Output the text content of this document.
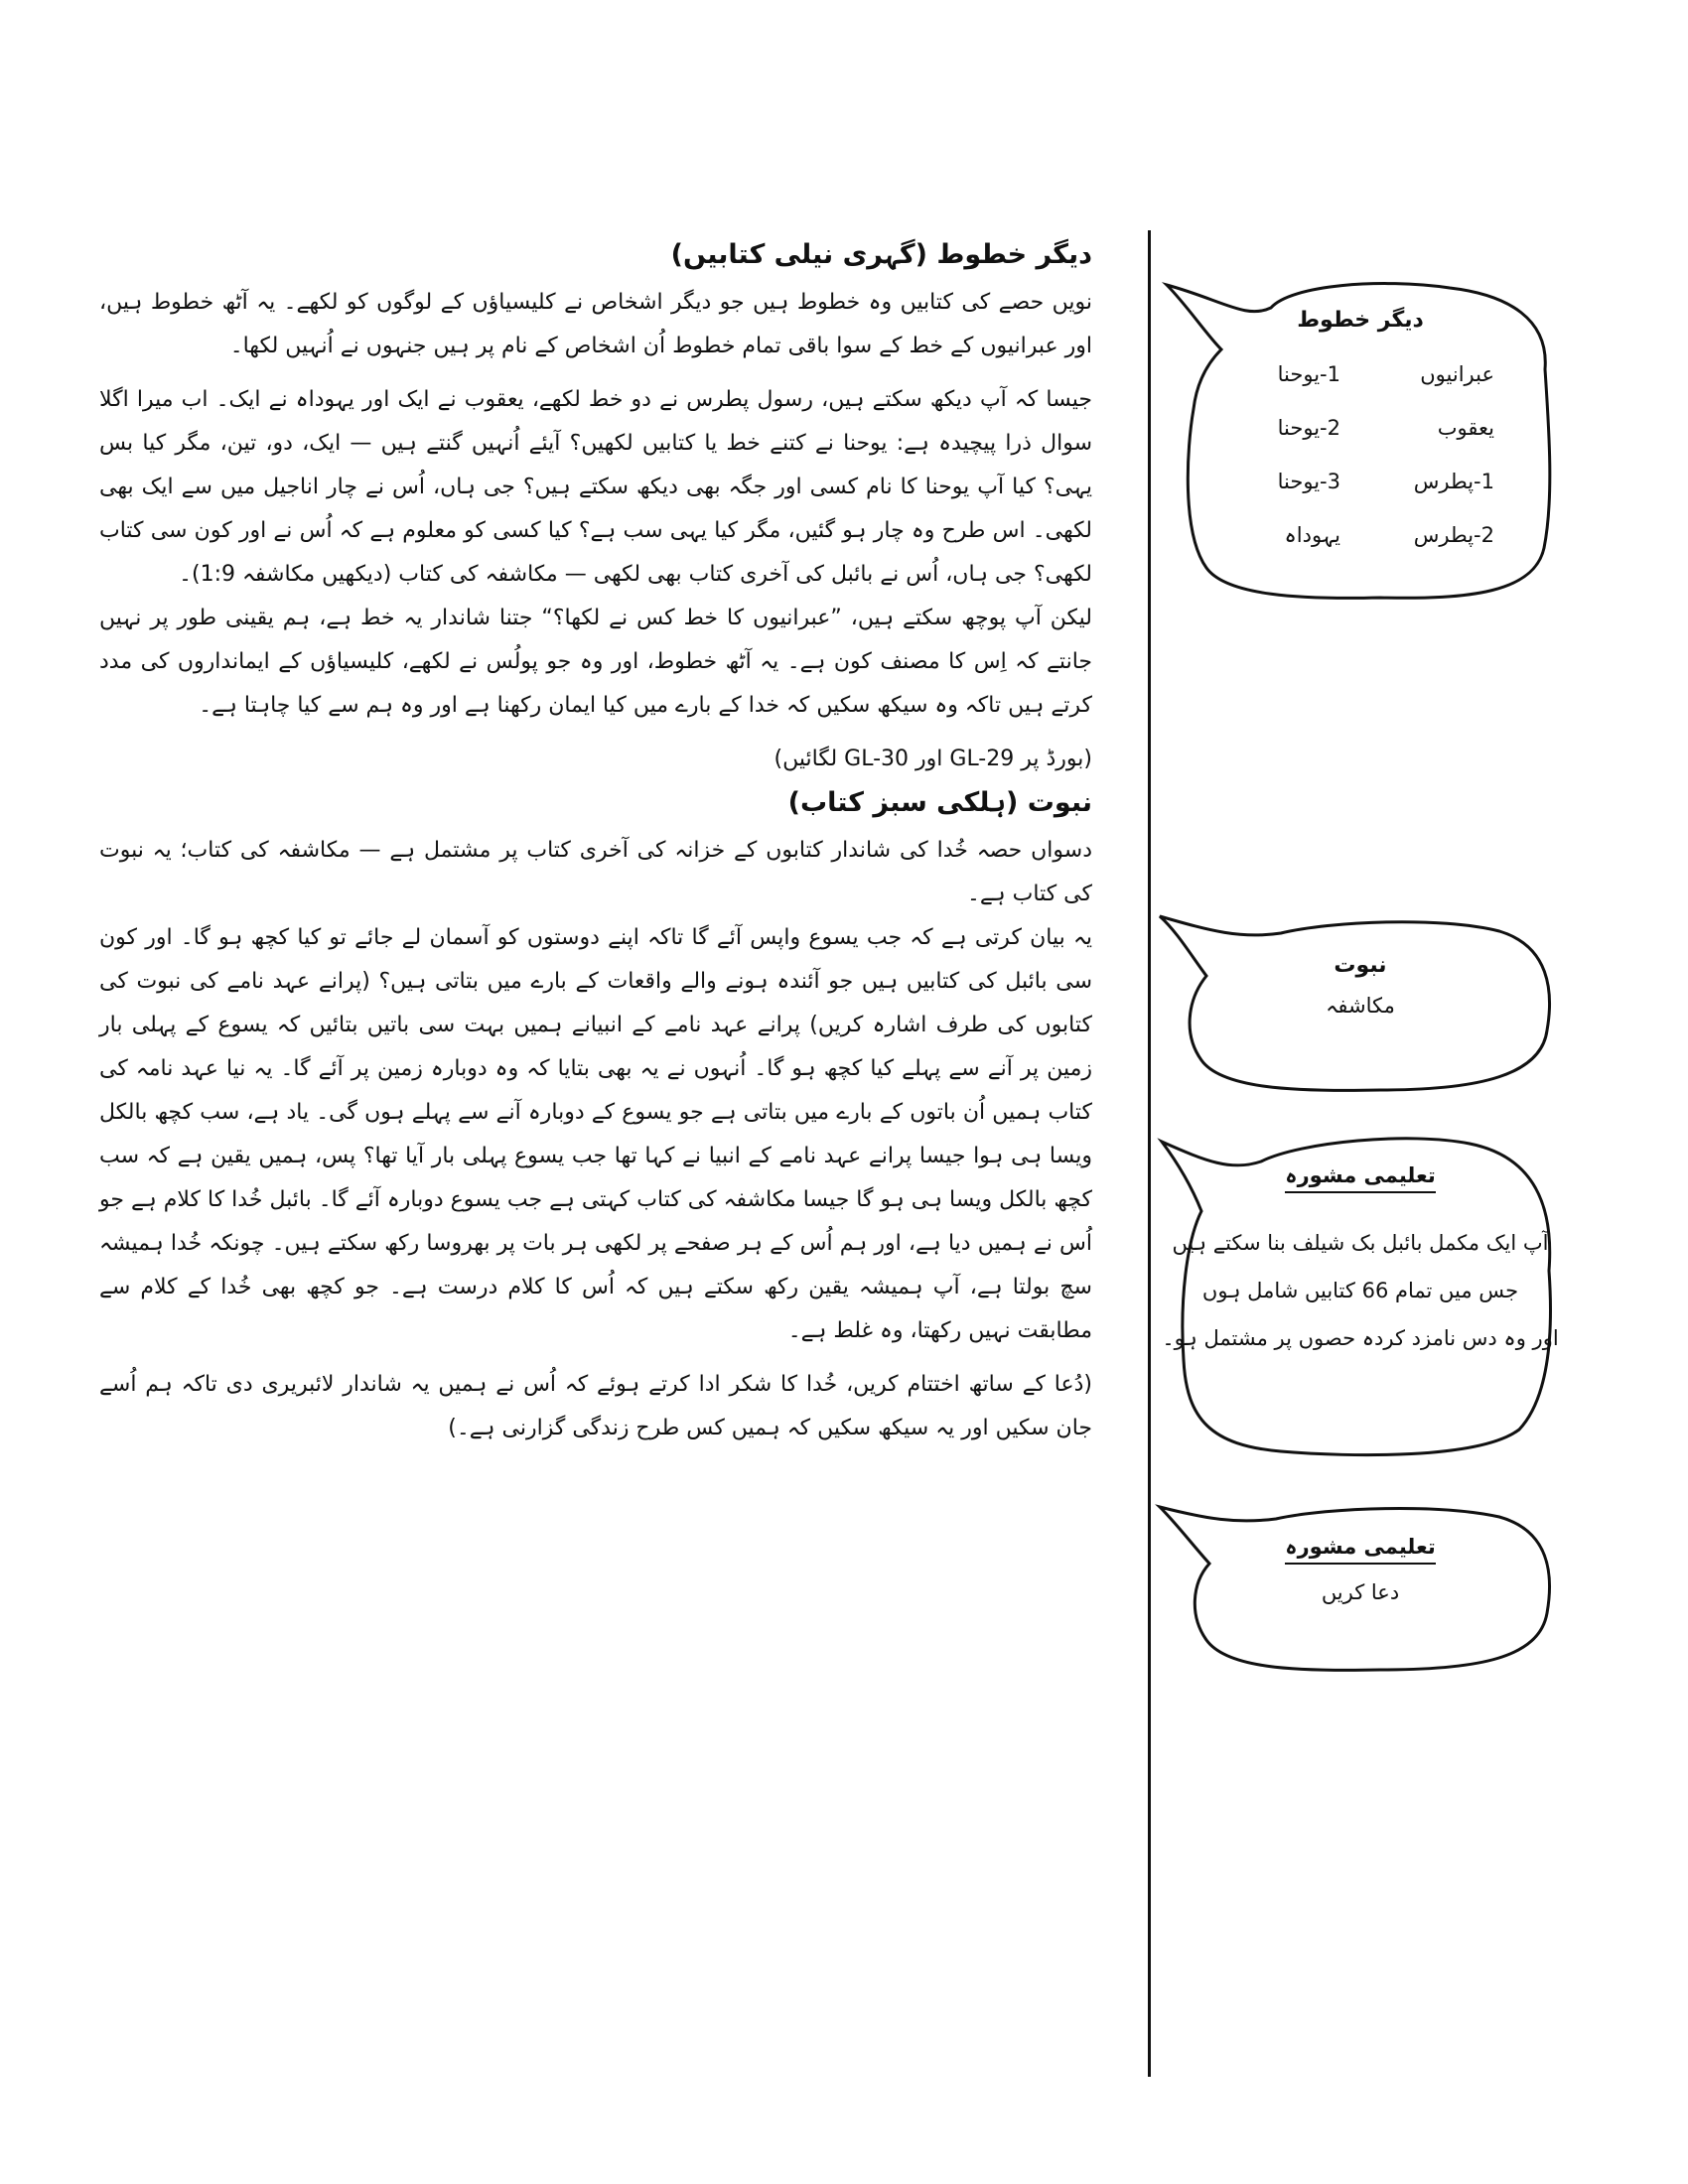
دیگر خطوط (گہری نیلی کتابیں)

نویں حصے کی کتابیں وہ خطوط ہیں جو دیگر اشخاص نے کلیسیاؤں کے لوگوں کو لکھے۔ یہ آٹھ خطوط ہیں، اور عبرانیوں کے خط کے سوا باقی تمام خطوط اُن اشخاص کے نام پر ہیں جنہوں نے اُنہیں لکھا۔

جیسا کہ آپ دیکھ سکتے ہیں، رسول پطرس نے دو خط لکھے، یعقوب نے ایک اور یہوداہ نے ایک۔ اب میرا اگلا سوال ذرا پیچیدہ ہے: یوحنا نے کتنے خط یا کتابیں لکھیں؟ آیئے اُنہیں گنتے ہیں — ایک، دو، تین، مگر کیا بس یہی؟ کیا آپ یوحنا کا نام کسی اور جگہ بھی دیکھ سکتے ہیں؟ جی ہاں، اُس نے چار اناجیل میں سے ایک بھی لکھی۔ اس طرح وہ چار ہو گئیں، مگر کیا یہی سب ہے؟ کیا کسی کو معلوم ہے کہ اُس نے اور کون سی کتاب لکھی؟ جی ہاں، اُس نے بائبل کی آخری کتاب بھی لکھی — مکاشفہ کی کتاب (دیکھیں مکاشفہ 1:9)۔

لیکن آپ پوچھ سکتے ہیں، ”عبرانیوں کا خط کس نے لکھا؟“ جتنا شاندار یہ خط ہے، ہم یقینی طور پر نہیں جانتے کہ اِس کا مصنف کون ہے۔ یہ آٹھ خطوط، اور وہ جو پولُس نے لکھے، کلیسیاؤں کے ایمانداروں کی مدد کرتے ہیں تاکہ وہ سیکھ سکیں کہ خدا کے بارے میں کیا ایمان رکھنا ہے اور وہ ہم سے کیا چاہتا ہے۔

(بورڈ پر GL-29 اور GL-30 لگائیں)

نبوت (ہلکی سبز کتاب)

دسواں حصہ خُدا کی شاندار کتابوں کے خزانہ کی آخری کتاب پر مشتمل ہے — مکاشفہ کی کتاب؛ یہ نبوت کی کتاب ہے۔

یہ بیان کرتی ہے کہ جب یسوع واپس آئے گا تاکہ اپنے دوستوں کو آسمان لے جائے تو کیا کچھ ہو گا۔ اور کون سی بائبل کی کتابیں ہیں جو آئندہ ہونے والے واقعات کے بارے میں بتاتی ہیں؟ (پرانے عہد نامے کی نبوت کی کتابوں کی طرف اشارہ کریں) پرانے عہد نامے کے انبیانے ہمیں بہت سی باتیں بتائیں کہ یسوع کے پہلی بار زمین پر آنے سے پہلے کیا کچھ ہو گا۔ اُنہوں نے یہ بھی بتایا کہ وہ دوبارہ زمین پر آئے گا۔ یہ نیا عہد نامہ کی کتاب ہمیں اُن باتوں کے بارے میں بتاتی ہے جو یسوع کے دوبارہ آنے سے پہلے ہوں گی۔ یاد ہے، سب کچھ بالکل ویسا ہی ہوا جیسا پرانے عہد نامے کے انبیا نے کہا تھا جب یسوع پہلی بار آیا تھا؟ پس، ہمیں یقین ہے کہ سب کچھ بالکل ویسا ہی ہو گا جیسا مکاشفہ کی کتاب کہتی ہے جب یسوع دوبارہ آئے گا۔ بائبل خُدا کا کلام ہے جو اُس نے ہمیں دیا ہے، اور ہم اُس کے ہر صفحے پر لکھی ہر بات پر بھروسا رکھ سکتے ہیں۔ چونکہ خُدا ہمیشہ سچ بولتا ہے، آپ ہمیشہ یقین رکھ سکتے ہیں کہ اُس کا کلام درست ہے۔ جو کچھ بھی خُدا کے کلام سے مطابقت نہیں رکھتا، وہ غلط ہے۔

(دُعا کے ساتھ اختتام کریں، خُدا کا شکر ادا کرتے ہوئے کہ اُس نے ہمیں یہ شاندار لائبریری دی تاکہ ہم اُسے جان سکیں اور یہ سیکھ سکیں کہ ہمیں کس طرح زندگی گزارنی ہے۔)

دیگر خطوط
عبرانیوں
1-یوحنا
یعقوب
2-یوحنا
1-پطرس
3-یوحنا
2-پطرس
یہوداہ
نبوت
مکاشفہ
تعلیمی مشورہ
آپ ایک مکمل بائبل بک شیلف بنا سکتے ہیں
جس میں تمام 66 کتابیں شامل ہوں
اور وہ دس نامزد کردہ حصوں پر مشتمل ہو۔
تعلیمی مشورہ
دعا کریں
